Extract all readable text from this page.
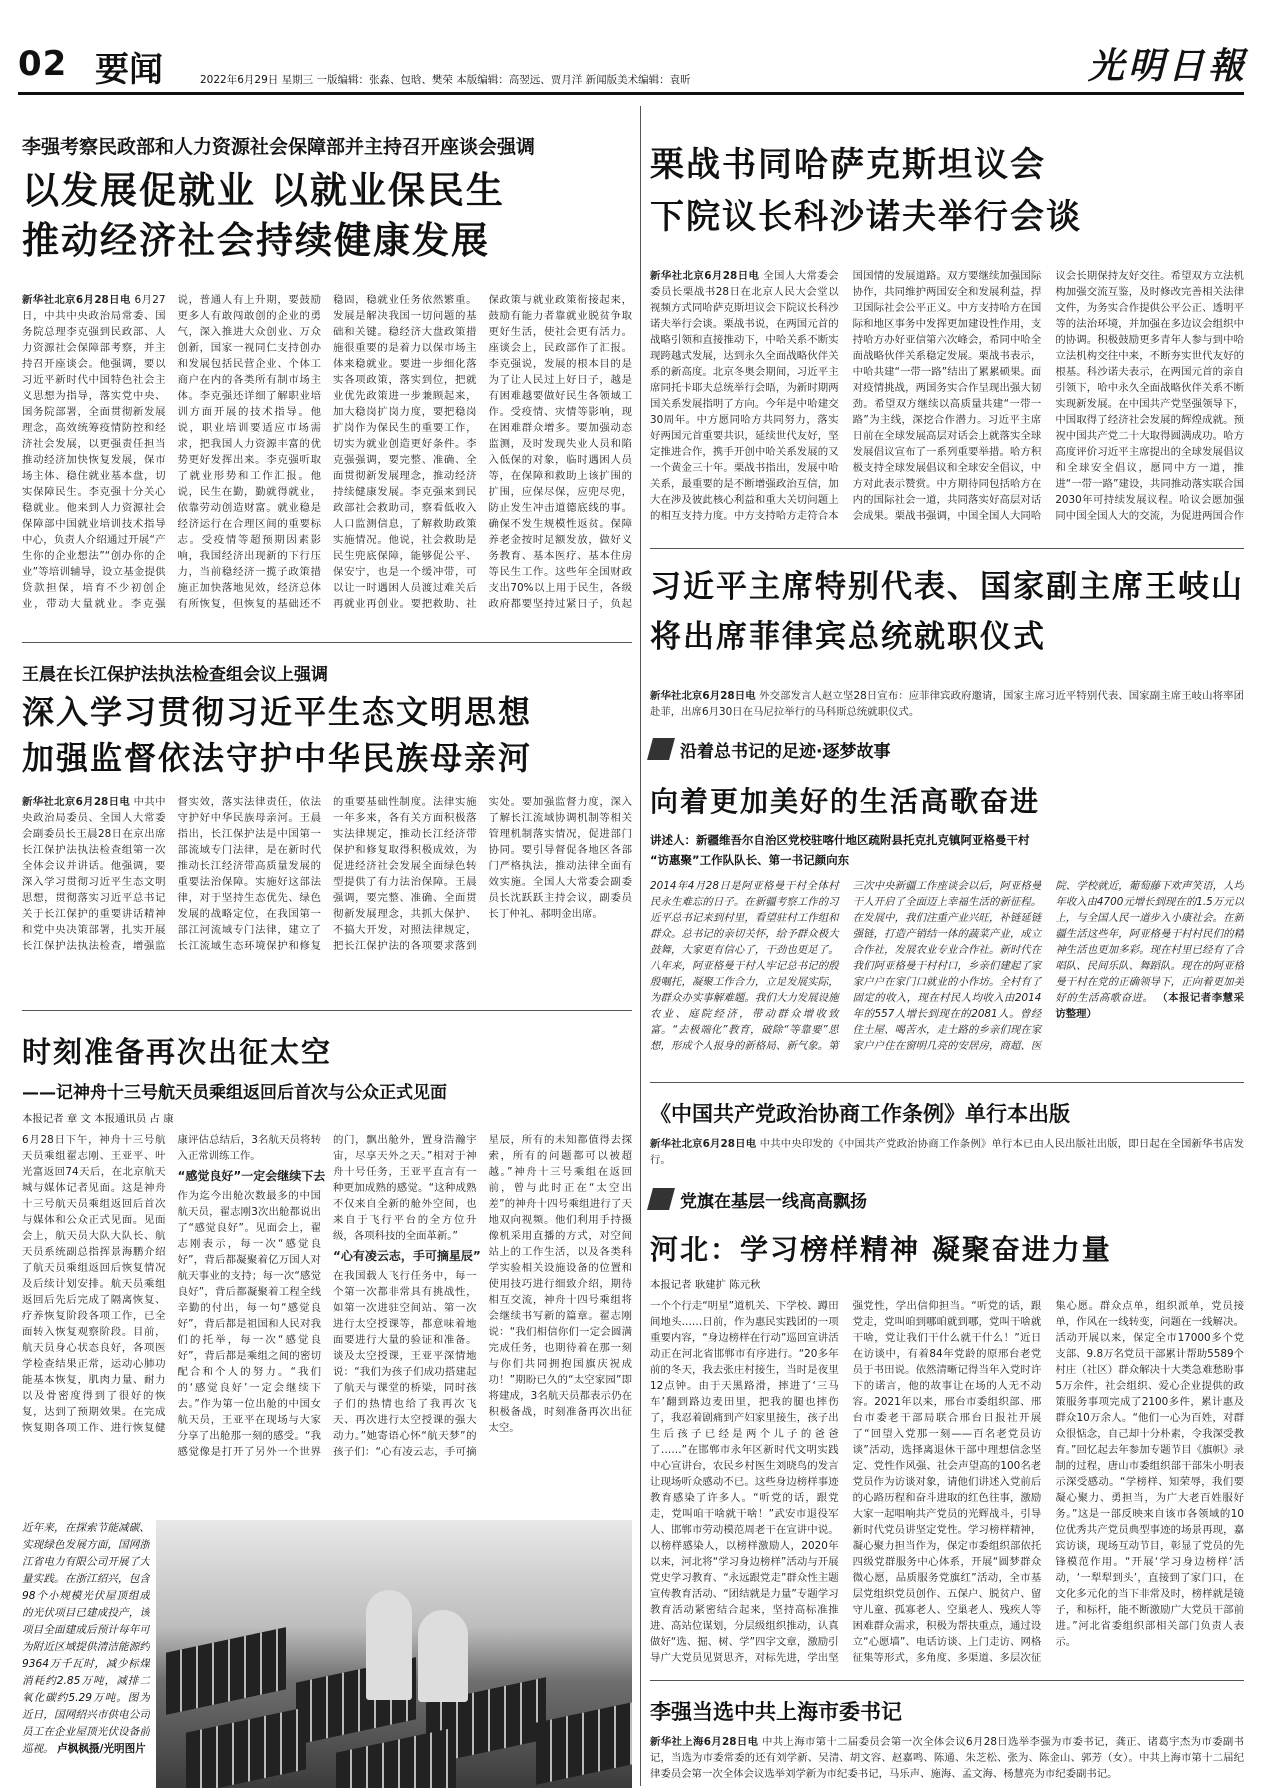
02 要闻	2022年6月29日 星期三 一版编辑：张淼、包晗、樊荣 本版编辑：高翌远、贾月洋 新闻版美术编辑：袁昕	光明日報
李强考察民政部和人力资源社会保障部并主持召开座谈会强调
以发展促就业 以就业保民生
推动经济社会持续健康发展
新华社北京6月28日电 6月27日，中共中央政治局常委、国务院总理李克强到民政部、人力资源社会保障部考察，并主持召开座谈会。他强调，要以习近平新时代中国特色社会主义思想为指导，落实党中央、国务院部署，全面贯彻新发展理念，高效统筹疫情防控和经济社会发展，以更强责任担当推动经济加快恢复发展，保市场主体、稳住就业基本盘，切实保障民生。李克强十分关心稳就业。他来到人力资源社会保障部中国就业培训技术指导中心，负责人介绍通过开展“产生你的企业想法”“创办你的企业”等培训辅导，设立基金提供贷款担保，培育不少初创企业，带动大量就业。李克强说，普通人有上升期，要鼓励更多人有敢闯敢创的企业的勇气，深入推进大众创业、万众创新，国家一视同仁支持创办和发展包括民营企业、个体工商户在内的各类所有制市场主体。李克强还详细了解职业培训方面开展的技术指导。他说，职业培训要适应市场需求，把我国人力资源丰富的优势更好发挥出来。李克强听取了就业形势和工作汇报。他说，民生在勤，勤就得就业，依靠劳动创造财富。就业稳是经济运行在合理区间的重要标志。受疫情等超预期因素影响，我国经济出现新的下行压力，当前稳经济一揽子政策措施正加快落地见效，经济总体有所恢复，但恢复的基础还不稳固，稳就业任务依然繁重。发展是解决我国一切问题的基础和关键。稳经济大盘政策措施很重要的是着力以保市场主体来稳就业。要进一步细化落实各项政策，落实到位，把就业优先政策进一步兼顾起来，加大稳岗扩岗力度，要把稳岗扩岗作为保民生的重要工作，切实为就业创造更好条件。李克强强调，要完整、准确、全面贯彻新发展理念，推动经济持续健康发展。李克强来到民政部社会救助司，察看低收入人口监测信息，了解救助政策实施情况。他说，社会救助是民生兜底保障，能够促公平、保安宁，也是一个缓冲带，可以让一时遇困人员渡过难关后再就业再创业。要把救助、社保政策与就业政策衔接起来，鼓励有能力者靠就业脱贫争取更好生活，使社会更有活力。座谈会上，民政部作了汇报。李克强说，发展的根本目的是为了让人民过上好日子，越是有困难越要做好民生各领域工作。受疫情、灾情等影响，现在困难群众增多。要加强动态监测，及时发现失业人员和陷入低保的对象，临时遇困人员等，在保障和救助上该扩围的扩围，应保尽保，应兜尽兜，防止发生冲击道德底线的事。确保不发生规模性返贫。保障养老金按时足额发放，做好义务教育、基本医疗、基本住房等民生工作。这些年全国财政支出70%以上用于民生，各级政府都要坚持过紧日子，负起
王晨在长江保护法执法检查组会议上强调
深入学习贯彻习近平生态文明思想
加强监督依法守护中华民族母亲河
新华社北京6月28日电 中共中央政治局委员、全国人大常委会副委员长王晨28日在京出席长江保护法执法检查组第一次全体会议并讲话。他强调，要深入学习贯彻习近平生态文明思想，贯彻落实习近平总书记关于长江保护的重要讲话精神和党中央决策部署，扎实开展长江保护法执法检查，增强监督实效，落实法律责任，依法守护好中华民族母亲河。王晨指出，长江保护法是中国第一部流域专门法律，是在新时代推动长江经济带高质量发展的重要法治保障。实施好这部法律，对于坚持生态优先、绿色发展的战略定位，在我国第一部江河流域专门法律，建立了长江流域生态环境保护和修复的重要基础性制度。法律实施一年多来，各有关方面积极落实法律规定，推动长江经济带保护和修复取得积极成效，为促进经济社会发展全面绿色转型提供了有力法治保障。王晨强调，要完整、准确、全面贯彻新发展理念，共抓大保护、不搞大开发，对照法律规定，把长江保护法的各项要求落到实处。要加强监督力度，深入了解长江流域协调机制等相关管理机制落实情况，促进部门协同。要引导督促各地区各部门严格执法，推动法律全面有效实施。全国人大常委会副委员长沈跃跃主持会议，副委员长丁仲礼、郝明金出席。
时刻准备再次出征太空
——记神舟十三号航天员乘组返回后首次与公众正式见面
本报记者 章 文 本报通讯员 占 康
6月28日下午，神舟十三号航天员乘组翟志刚、王亚平、叶光富返回74天后，在北京航天城与媒体记者见面。这是神舟十三号航天员乘组返回后首次与媒体和公众正式见面。见面会上，航天员大队大队长、航天员系统副总指挥景海鹏介绍了航天员乘组返回后恢复情况及后续计划安排。航天员乘组返回后先后完成了隔离恢复、疗养恢复阶段各项工作，已全面转入恢复观察阶段。目前，航天员身心状态良好，各项医学检查结果正常，运动心肺功能基本恢复，肌肉力量、耐力以及骨密度得到了很好的恢复，达到了预期效果。在完成恢复期各项工作、进行恢复健康评估总结后，3名航天员将转入正常训练工作。
“感觉良好”一定会继续下去
作为迄今出舱次数最多的中国航天员，翟志刚3次出舱都说出了“感觉良好”。见面会上，翟志刚表示，每一次“感觉良好”，背后都凝聚着亿万国人对航天事业的支持；每一次“感觉良好”，背后都凝聚着工程全线辛勤的付出，每一句“感觉良好”，背后都是祖国和人民对我们的托举，每一次“感觉良好”，背后都是乘组之间的密切配合和个人的努力。“我们的‘感觉良好’一定会继续下去。”作为第一位出舱的中国女航天员，王亚平在现场与大家分享了出舱那一刻的感受。“我感觉像是打开了另外一个世界的门，飘出舱外，置身浩瀚宇宙，尽享天外之天。”相对于神舟十号任务，王亚平直言有一种更加成熟的感觉。“这种成熟不仅来自全新的舱外空间，也来自于飞行平台的全方位升级，各项科技的全面革新。”
“心有凌云志，手可摘星辰”
在我国载人飞行任务中，每一个第一次都非常具有挑战性，如第一次进驻空间站、第一次进行太空授课等，都意味着地面要进行大量的验证和准备。谈及太空授课，王亚平深情地说：“我们为孩子们成功搭建起了航天与课堂的桥梁，同时孩子们的热情也给了我再次飞天、再次进行太空授课的强大动力。”她寄语心怀“航天梦”的孩子们：“心有凌云志，手可摘星辰，所有的未知都值得去探索，所有的问题都可以被超越。”神舟十三号乘组在返回前，曾与此时正在“太空出差”的神舟十四号乘组进行了天地双向视频。他们利用手持摄像机采用直播的方式，对空间站上的工作生活，以及各类科学实验相关设施设备的位置和使用技巧进行细致介绍，期待相互交流，神舟十四号乘组将会继续书写新的篇章。翟志刚说：“我们相信你们一定会圆满完成任务，也期待着在那一刻与你们共同拥抱国旗庆祝成功！”期盼已久的“太空家园”即将建成，3名航天员都表示仍在积极备战，时刻准备再次出征太空。
近年来，在探索节能减碳、实现绿色发展方面，国网浙江省电力有限公司开展了大量实践。在浙江绍兴，包含98个小规模光伏屋顶组成的光伏项目已建成投产，该项目全面建成后预计每年可为附近区域提供清洁能源约9364万千瓦时，减少标煤消耗约2.85万吨，减排二氧化碳约5.29万吨。图为近日，国网绍兴市供电公司员工在企业屋顶光伏设备前巡视。 卢枫枫摄/光明图片
栗战书同哈萨克斯坦议会
下院议长科沙诺夫举行会谈
新华社北京6月28日电 全国人大常委会委员长栗战书28日在北京人民大会堂以视频方式同哈萨克斯坦议会下院议长科沙诺夫举行会谈。栗战书说，在两国元首的战略引领和直接推动下，中哈关系不断实现跨越式发展，达到永久全面战略伙伴关系的新高度。北京冬奥会期间，习近平主席同托卡耶夫总统举行会晤，为新时期两国关系发展指明了方向。今年是中哈建交30周年。中方愿同哈方共同努力，落实好两国元首重要共识，延续世代友好，坚定推进合作，携手开创中哈关系发展的又一个黄金三十年。栗战书指出，发展中哈关系，最重要的是不断增强政治互信，加大在涉及彼此核心利益和重大关切问题上的相互支持力度。中方支持哈方走符合本国国情的发展道路。双方要继续加强国际协作，共同维护两国安全和发展利益，捍卫国际社会公平正义。中方支持哈方在国际和地区事务中发挥更加建设性作用，支持哈方办好亚信第六次峰会，希同中哈全面战略伙伴关系稳定发展。栗战书表示，中哈共建“一带一路”结出了累累硕果。面对疫情挑战，两国务实合作呈现出强大韧劲。希望双方继续以高质量共建“一带一路”为主线，深挖合作潜力。习近平主席日前在全球发展高层对话会上就落实全球发展倡议宣布了一系列重要举措。哈方积极支持全球发展倡议和全球安全倡议，中方对此表示赞赏。中方期待同包括哈方在内的国际社会一道，共同落实好高层对话会成果。栗战书强调，中国全国人大同哈议会长期保持友好交往。希望双方立法机构加强交流互鉴，及时修改完善相关法律文件，为务实合作提供公平公正、透明平等的法治环境，并加强在多边议会组织中的协调。积极鼓励更多青年人参与到中哈立法机构交往中来，不断夯实世代友好的根基。科沙诺夫表示，在两国元首的亲自引领下，哈中永久全面战略伙伴关系不断实现新发展。在中国共产党坚强领导下，中国取得了经济社会发展的辉煌成就。预祝中国共产党二十大取得圆满成功。哈方高度评价习近平主席提出的全球发展倡议和全球安全倡议，愿同中方一道，推进“一带一路”建设，共同推动落实联合国2030年可持续发展议程。哈议会愿加强同中国全国人大的交流，为促进两国合作
习近平主席特别代表、国家副主席王岐山
将出席菲律宾总统就职仪式
新华社北京6月28日电 外交部发言人赵立坚28日宣布：应菲律宾政府邀请，国家主席习近平特别代表、国家副主席王岐山将率团赴菲，出席6月30日在马尼拉举行的马科斯总统就职仪式。
沿着总书记的足迹·逐梦故事
向着更加美好的生活高歌奋进
讲述人：新疆维吾尔自治区党校驻喀什地区疏附县托克扎克镇阿亚格曼干村
“访惠聚”工作队队长、第一书记颜向东
2014年4月28日是阿亚格曼干村全体村民永生难忘的日子。在新疆考察工作的习近平总书记来到村里，看望驻村工作组和群众。总书记的亲切关怀，给予群众极大鼓舞，大家更有信心了，干劲也更足了。八年来，阿亚格曼干村人牢记总书记的殷殷嘱托，凝聚工作合力，立足发展实际，为群众办实事解难题。我们大力发展设施农业、庭院经济，带动群众增收致富。“去极端化”教育，破除“等靠要”思想，形成个人报身的新格局、新气象。第三次中央新疆工作座谈会以后，阿亚格曼干人开启了全面迈上幸福生活的新征程。在发展中，我们注重产业兴旺，补链延链强链，打造产销结一体的蔬菜产业，成立合作社，发展农业专业合作社。新时代在我们阿亚格曼干村村口，乡亲们建起了家家户户在家门口就业的小作坊。全村有了固定的收入，现在村民人均收入由2014年的557人增长到现在的2081人。曾经住土屋、喝苦水，走土路的乡亲们现在家家户户住在窗明几亮的安居房，商超、医院、学校就近，葡萄藤下欢声笑语，人均年收入由4700元增长到现在的1.5万元以上，与全国人民一道步入小康社会。在新疆生活这些年，阿亚格曼干村村民们的精神生活也更加多彩。现在村里已经有了合唱队、民间乐队、舞蹈队。现在的阿亚格曼干村在党的正确领导下，正向着更加美好的生活高歌奋进。 （本报记者李慧采访整理）
《中国共产党政治协商工作条例》单行本出版
新华社北京6月28日电 中共中央印发的《中国共产党政治协商工作条例》单行本已由人民出版社出版，即日起在全国新华书店发行。
党旗在基层一线高高飘扬
河北：学习榜样精神 凝聚奋进力量
本报记者 耿建扩 陈元秋
一个个行走“明星”道机关、下学校、蹲田间地头……日前，作为惠民实践团的一项重要内容，“身边榜样在行动”巡回宣讲活动正在河北省邯郸市有序进行。“20多年前的冬天，我去张庄村接生，当时是夜里12点钟。由于天黑路滑，摔进了‘三马车’翻到路边麦田里，把我的腿也摔伤了，我忍着剧痛到产妇家里接生，孩子出生后孩子已经是两个儿子的爸爸了……”在邯郸市永年区新时代文明实践中心宣讲台，农民乡村医生刘晓鸟的发言让现场听众感动不已。这些身边榜样事迹教育感染了许多人。“听党的话，跟党走，党叫咱干啥就干啥！”武安市退役军人、邯郸市劳动模范周老干在宣讲中说。以榜样感染人，以榜样激励人，2020年以来，河北将“学习身边榜样”活动与开展党史学习教育、“永远跟党走”群众性主题宣传教育活动、“团结就是力量”专题学习教育活动紧密结合起来，坚持高标准推进、高站位谋划，分层级组织推动，认真做好“选、掘、树、学”四字文章，激励引导广大党员见贤思齐，对标先进，学出坚强党性，学出信仰担当。“听党的话，跟党走，党叫咱到哪咱就到哪，党叫干啥就干啥，党让我们干什么就干什么！”近日在访谈中，有着84年党龄的原邢台老党员于书田说。依然清晰记得当年入党时许下的诺言，他的故事让在场的人无不动容。2021年以来，邢台市委组织部、邢台市委老干部局联合邢台日报社开展了“回望入党那一刻——百名老党员访谈”活动，选择离退休干部中理想信念坚定、党性作风强、社会声望高的100名老党员作为访谈对象，请他们讲述入党前后的心路历程和奋斗进取的红色往事，激励大家一起唱响共产党员的光辉战斗，引导新时代党员讲坚定党性。学习榜样精神，凝心聚力担当作为，保定市委组织部依托四级党群服务中心体系，开展“圆梦群众微心愿，品质服务党旗红”活动，全市基层党组织党员创作、五保户、脱贫户、留守儿童、孤寡老人、空巢老人、残疾人等困难群众需求，积极为帮扶重点，通过设立“心愿墙”、电话访谈、上门走访、网格征集等形式，多角度、多渠道、多层次征集心愿。群众点单，组织派单，党员接单，作风在一线转变，问题在一线解决。活动开展以来，保定全市17000多个党支部、9.8万名党员干部累计帮助5589个村庄（社区）群众解决十大类急难愁盼事5万余件，社会组织、爱心企业提供的政策服务事项完成了2100多件，累计惠及群众10万余人。“他们一心为百姓，对群众很惦念，自己却十分朴素，令我深受教育。”回忆起去年参加专题节目《旗帜》录制的过程，唐山市委组织部干部朱小明表示深受感动。“学榜样、知荣辱，我们要凝心聚力、勇担当，为广大老百姓服好务。”这是一部反映来自该市各领域的10位优秀共产党员典型事迹的场景再现，嘉宾访谈，现场互动节目，彰显了党员的先锋模范作用。“开展‘学习身边榜样’活动，‘一犁犁到头’，直接到了家门口，在文化多元化的当下非常及时，榜样就是镜子，和标杆，能不断激励广大党员干部前进。”河北省委组织部相关部门负责人表示。
李强当选中共上海市委书记
新华社上海6月28日电 中共上海市第十二届委员会第一次全体会议6月28日选举李强为市委书记，龚正、诸葛宇杰为市委副书记，当选为市委常委的还有刘学新、吴清、胡文容、赵嘉鸣、陈通、朱芝松、张为、陈金山、郭芳（女）。中共上海市第十二届纪律委员会第一次全体会议选举刘学新为市纪委书记，马乐声、施海、孟文海、杨慧亮为市纪委副书记。
